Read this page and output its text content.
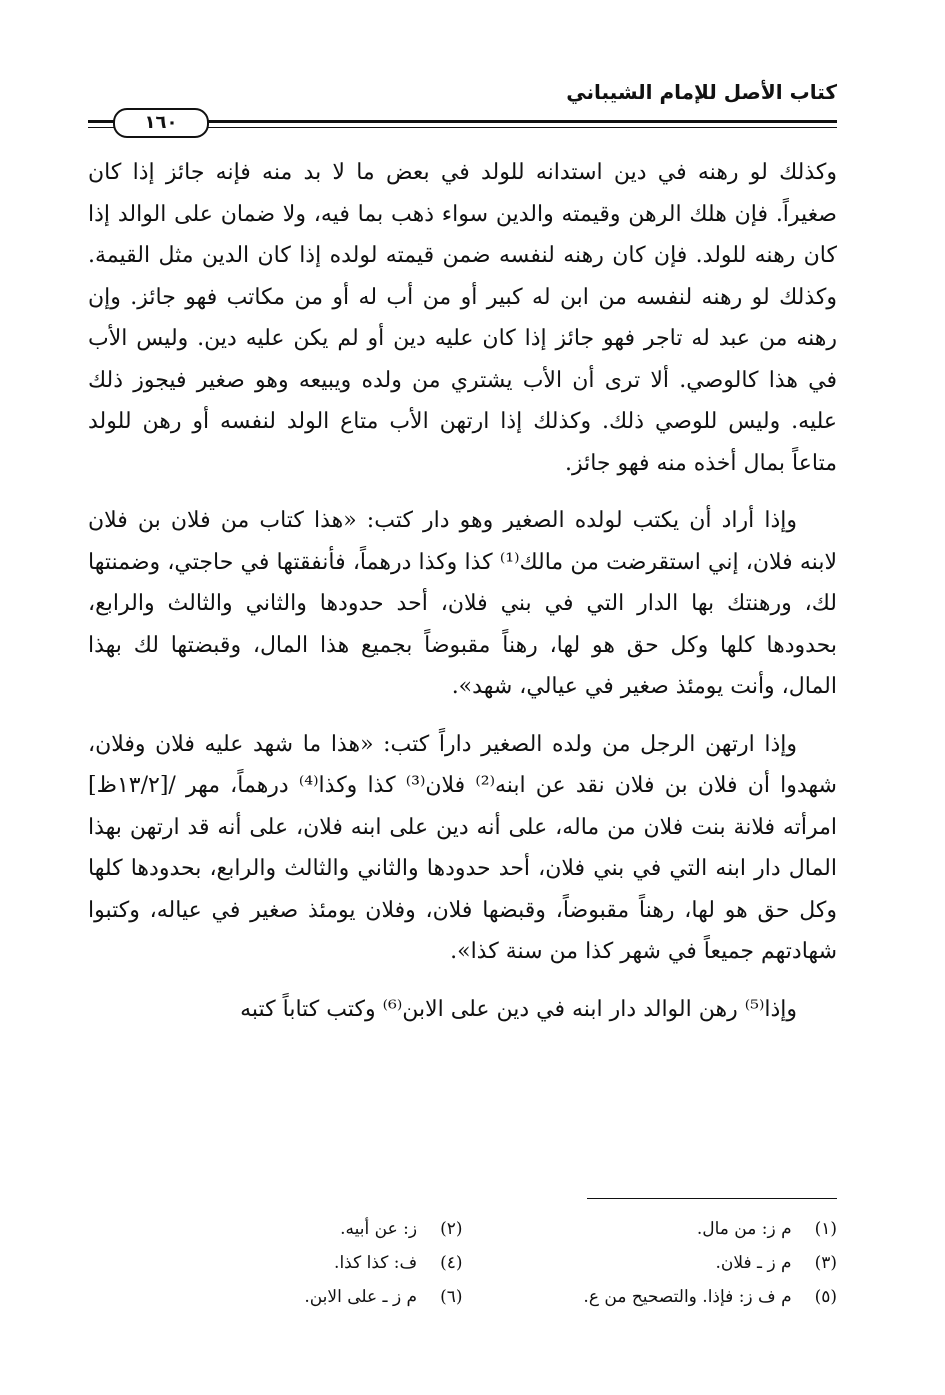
كتاب الأصل للإمام الشيباني
١٦٠

وكذلك لو رهنه في دين استدانه للولد في بعض ما لا بد منه فإنه جائز إذا كان صغيراً. فإن هلك الرهن وقيمته والدين سواء ذهب بما فيه، ولا ضمان على الوالد إذا كان رهنه للولد. فإن كان رهنه لنفسه ضمن قيمته لولده إذا كان الدين مثل القيمة. وكذلك لو رهنه لنفسه من ابن له كبير أو من أب له أو من مكاتب فهو جائز. وإن رهنه من عبد له تاجر فهو جائز إذا كان عليه دين أو لم يكن عليه دين. وليس الأب في هذا كالوصي. ألا ترى أن الأب يشتري من ولده ويبيعه وهو صغير فيجوز ذلك عليه. وليس للوصي ذلك. وكذلك إذا ارتهن الأب متاع الولد لنفسه أو رهن للولد متاعاً بمال أخذه منه فهو جائز.

وإذا أراد أن يكتب لولده الصغير وهو دار كتب: «هذا كتاب من فلان بن فلان لابنه فلان، إني استقرضت من مالك⁽¹⁾ كذا وكذا درهماً، فأنفقتها في حاجتي، وضمنتها لك، ورهنتك بها الدار التي في بني فلان، أحد حدودها والثاني والثالث والرابع، بحدودها كلها وكل حق هو لها، رهناً مقبوضاً بجميع هذا المال، وقبضتها لك بهذا المال، وأنت يومئذ صغير في عيالي، شهد».

وإذا ارتهن الرجل من ولده الصغير داراً كتب: «هذا ما شهد عليه فلان وفلان، شهدوا أن فلان بن فلان نقد عن ابنه⁽²⁾ فلان⁽³⁾ كذا وكذا⁽⁴⁾ درهماً، مهر /[١٣/٢ظ] امرأته فلانة بنت فلان من ماله، على أنه دين على ابنه فلان، على أنه قد ارتهن بهذا المال دار ابنه التي في بني فلان، أحد حدودها والثاني والثالث والرابع، بحدودها كلها وكل حق هو لها، رهناً مقبوضاً، وقبضها فلان، وفلان يومئذ صغير في عياله، وكتبوا شهادتهم جميعاً في شهر كذا من سنة كذا».

وإذا⁽⁵⁾ رهن الوالد دار ابنه في دين على الابن⁽⁶⁾ وكتب كتاباً كتبه

(١) م ز: من مال.
(٢) ز: عن أبيه.
(٣) م ز ـ فلان.
(٤) ف: كذا كذا.
(٥) م ف ز: فإذا. والتصحيح من ع.
(٦) م ز ـ على الابن.
